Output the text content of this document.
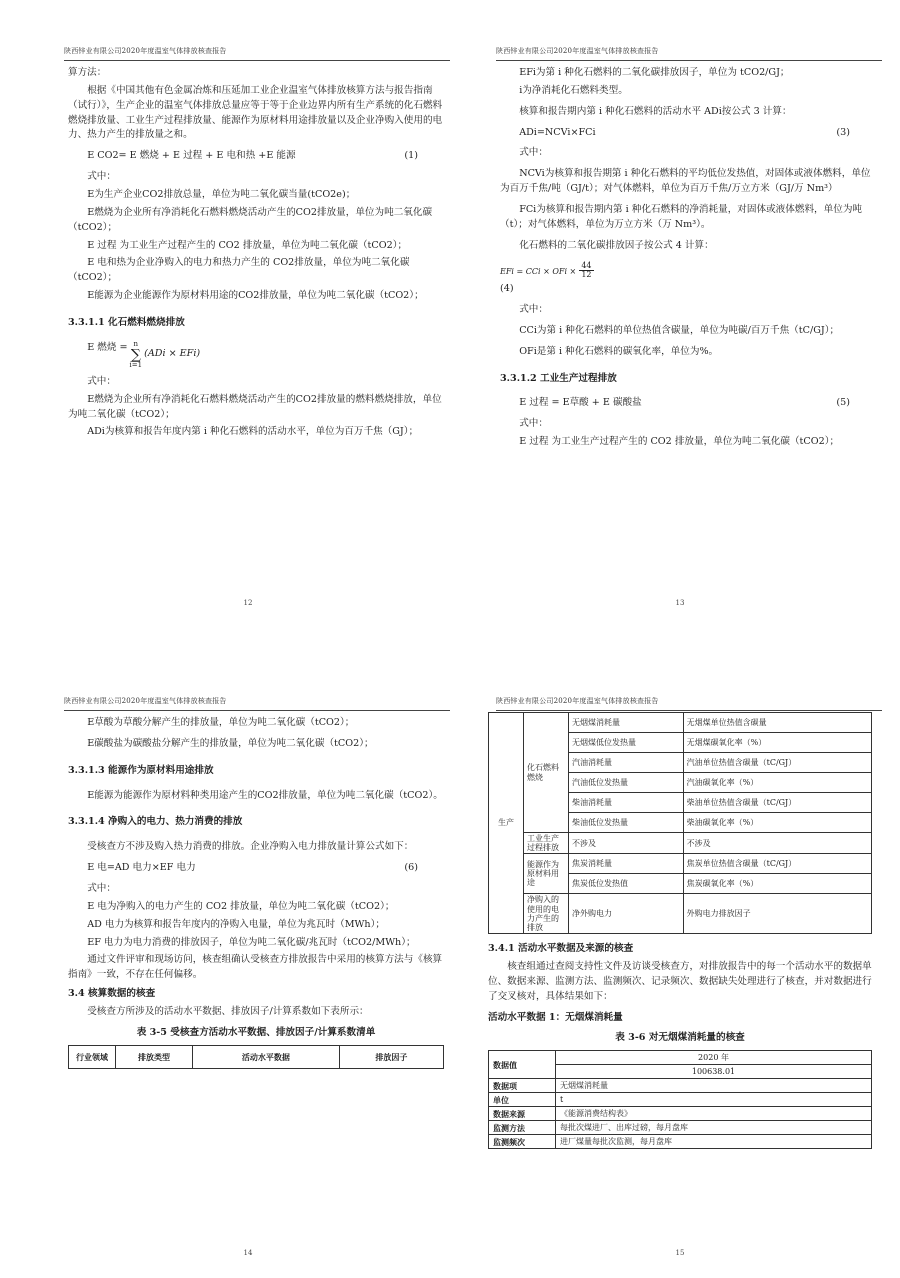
陕西锌业有限公司2020年度温室气体排放核查报告

算方法：

根据《中国其他有色金属冶炼和压延加工业企业温室气体排放核算方法与报告指南（试行）》，生产企业的温室气体排放总量应等于等于企业边界内所有生产系统的化石燃料燃烧排放量、工业生产过程排放量、能源作为原材料用途排放量以及企业净购入使用的电力、热力产生的排放量之和。

E CO2= E 燃烧 + E 过程 + E 电和热 +E 能源	(1)

式中：

E为生产企业CO2排放总量，单位为吨二氧化碳当量(tCO2e)；

E燃烧为企业所有净消耗化石燃料燃烧活动产生的CO2排放量，单位为吨二氧化碳（tCO2）；

E 过程 为工业生产过程产生的 CO2 排放量，单位为吨二氧化碳（tCO2）；

E 电和热为企业净购入的电力和热力产生的 CO2排放量，单位为吨二氧化碳（tCO2）；

E能源为企业能源作为原材料用途的CO2排放量，单位为吨二氧化碳（tCO2）；

3.3.1.1 化石燃料燃烧排放

E 燃烧 = n
∑
i=1
(ADi × EFi)

式中：

E燃烧为企业所有净消耗化石燃料燃烧活动产生的CO2排放量的燃料燃烧排放，单位为吨二氧化碳（tCO2）；

ADi为核算和报告年度内第 i 种化石燃料的活动水平，单位为百万千焦（GJ）；

12
陕西锌业有限公司2020年度温室气体排放核查报告

EFi为第 i 种化石燃料的二氧化碳排放因子，单位为 tCO2/GJ；

i为净消耗化石燃料类型。

核算和报告期内第 i 种化石燃料的活动水平 ADi按公式 3 计算：

ADi=NCVi×FCi	(3)

式中：

NCVi为核算和报告期第 i 种化石燃料的平均低位发热值，对固体或液体燃料，单位为百万千焦/吨（GJ/t）；对气体燃料，单位为百万千焦/万立方米（GJ/万 Nm³）

FCi为核算和报告期内第 i 种化石燃料的净消耗量，对固体或液体燃料，单位为吨（t）；对气体燃料，单位为万立方米（万 Nm³）。

化石燃料的二氧化碳排放因子按公式 4 计算：

EFi = CCi × OFi × $\frac{44}{12}$

(4)

式中：

CCi为第 i 种化石燃料的单位热值含碳量，单位为吨碳/百万千焦（tC/GJ）；

OFi是第 i 种化石燃料的碳氧化率，单位为%。

3.3.1.2 工业生产过程排放

E 过程 = E草酸 + E 碳酸盐	(5)

式中：

E 过程 为工业生产过程产生的 CO2 排放量，单位为吨二氧化碳（tCO2）；

13
陕西锌业有限公司2020年度温室气体排放核查报告

E草酸为草酸分解产生的排放量，单位为吨二氧化碳（tCO2）；

E碳酸盐为碳酸盐分解产生的排放量，单位为吨二氧化碳（tCO2）；

3.3.1.3 能源作为原材料用途排放

E能源为能源作为原材料种类用途产生的CO2排放量，单位为吨二氧化碳（tCO2）。

3.3.1.4 净购入的电力、热力消费的排放

受核查方不涉及购入热力消费的排放。企业净购入电力排放量计算公式如下：

E 电=AD 电力×EF 电力	(6)

式中：

E 电为净购入的电力产生的 CO2 排放量，单位为吨二氧化碳（tCO2）；

AD 电力为核算和报告年度内的净购入电量，单位为兆瓦时（MWh）；

EF 电力为电力消费的排放因子，单位为吨二氧化碳/兆瓦时（tCO2/MWh）；

通过文件评审和现场访问，核查组确认受核查方排放报告中采用的核算方法与《核算指南》一致，不存在任何偏移。

3.4 核算数据的核查

受核查方所涉及的活动水平数据、排放因子/计算系数如下表所示：

表 3-5 受核查方活动水平数据、排放因子/计算系数清单

行业领域	排放类型	活动水平数据	排放因子
14
陕西锌业有限公司2020年度温室气体排放核查报告
生产	化石燃料燃烧	无烟煤消耗量	无烟煤单位热值含碳量
		无烟煤低位发热量	无烟煤碳氧化率（%）
		汽油消耗量	汽油单位热值含碳量（tC/GJ）
		汽油低位发热量	汽油碳氧化率（%）
		柴油消耗量	柴油单位热值含碳量（tC/GJ）
		柴油低位发热量	柴油碳氧化率（%）
	工业生产过程排放	不涉及	不涉及
	能源作为原材料用途	焦炭消耗量	焦炭单位热值含碳量（tC/GJ）
		焦炭低位发热值	焦炭碳氧化率（%）
	净购入的使用的电力产生的排放	净外购电力	外购电力排放因子

3.4.1 活动水平数据及来源的核查

核查组通过查阅支持性文件及访谈受核查方，对排放报告中的每一个活动水平的数据单位、数据来源、监测方法、监测频次、记录频次、数据缺失处理进行了核查，并对数据进行了交叉核对，具体结果如下：

活动水平数据 1：无烟煤消耗量

表 3-6 对无烟煤消耗量的核查

数据值	2020 年
	100638.01
数据项	无烟煤消耗量
单位	t
数据来源	《能源消费结构表》
监测方法	每批次煤进厂、出库过磅，每月盘库
监测频次	进厂煤量每批次监测，每月盘库
15
